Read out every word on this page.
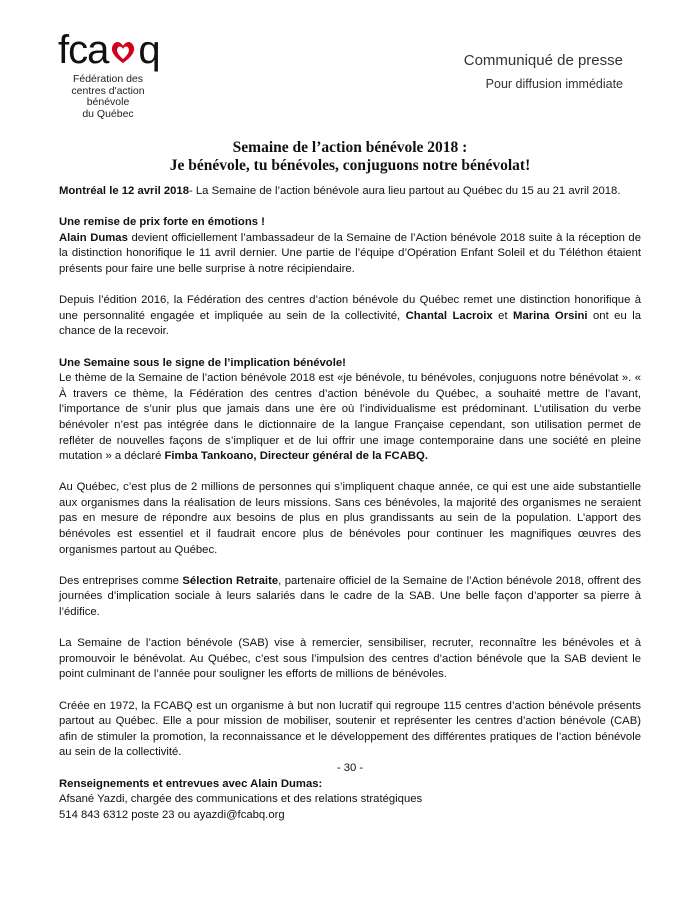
fca q
Fédération des
centres d'action bénévole
du Québec
Communiqué de presse
Pour diffusion immédiate
Semaine de l’action bénévole 2018 :
Je bénévole, tu bénévoles, conjuguons notre bénévolat!

Montréal le 12 avril 2018- La Semaine de l’action bénévole aura lieu partout au Québec du 15 au 21 avril 2018.

Une remise de prix forte en émotions !

Alain Dumas devient officiellement l’ambassadeur de la Semaine de l’Action bénévole 2018 suite à la réception de la distinction honorifique le 11 avril dernier. Une partie de l’équipe d’Opération Enfant Soleil et du Téléthon étaient présents pour faire une belle surprise à notre récipiendaire.

Depuis l’édition 2016, la Fédération des centres d’action bénévole du Québec remet une distinction honorifique à une personnalité engagée et impliquée au sein de la collectivité, Chantal Lacroix et Marina Orsini ont eu la chance de la recevoir.

Une Semaine sous le signe de l’implication bénévole!

Le thème de la Semaine de l’action bénévole 2018 est «je bénévole, tu bénévoles, conjuguons notre bénévolat ». « À travers ce thème, la Fédération des centres d’action bénévole du Québec, a souhaité mettre de l’avant, l’importance de s’unir plus que jamais dans une ère où l’individualisme est prédominant. L’utilisation du verbe bénévoler n’est pas intégrée dans le dictionnaire de la langue Française cependant, son utilisation permet de refléter de nouvelles façons de s’impliquer et de lui offrir une image contemporaine dans une société en pleine mutation » a déclaré Fimba Tankoano, Directeur général de la FCABQ.

Au Québec, c’est plus de 2 millions de personnes qui s’impliquent chaque année, ce qui est une aide substantielle aux organismes dans la réalisation de leurs missions. Sans ces bénévoles, la majorité des organismes ne seraient pas en mesure de répondre aux besoins de plus en plus grandissants au sein de la population. L’apport des bénévoles est essentiel et il faudrait encore plus de bénévoles pour continuer les magnifiques œuvres des organismes partout au Québec.

Des entreprises comme Sélection Retraite, partenaire officiel de la Semaine de l’Action bénévole 2018, offrent des journées d’implication sociale à leurs salariés dans le cadre de la SAB. Une belle façon d’apporter sa pierre à l’édifice.

La Semaine de l’action bénévole (SAB) vise à remercier, sensibiliser, recruter, reconnaître les bénévoles et à promouvoir le bénévolat. Au Québec, c’est sous l’impulsion des centres d’action bénévole que la SAB devient le point culminant de l’année pour souligner les efforts de millions de bénévoles.

Créée en 1972, la FCABQ est un organisme à but non lucratif qui regroupe 115 centres d’action bénévole présents partout au Québec. Elle a pour mission de mobiliser, soutenir et représenter les centres d’action bénévole (CAB) afin de stimuler la promotion, la reconnaissance et le développement des différentes pratiques de l’action bénévole au sein de la collectivité.

- 30 -

Renseignements et entrevues avec Alain Dumas:
Afsané Yazdi, chargée des communications et des relations stratégiques
514 843 6312 poste 23 ou ayazdi@fcabq.org
